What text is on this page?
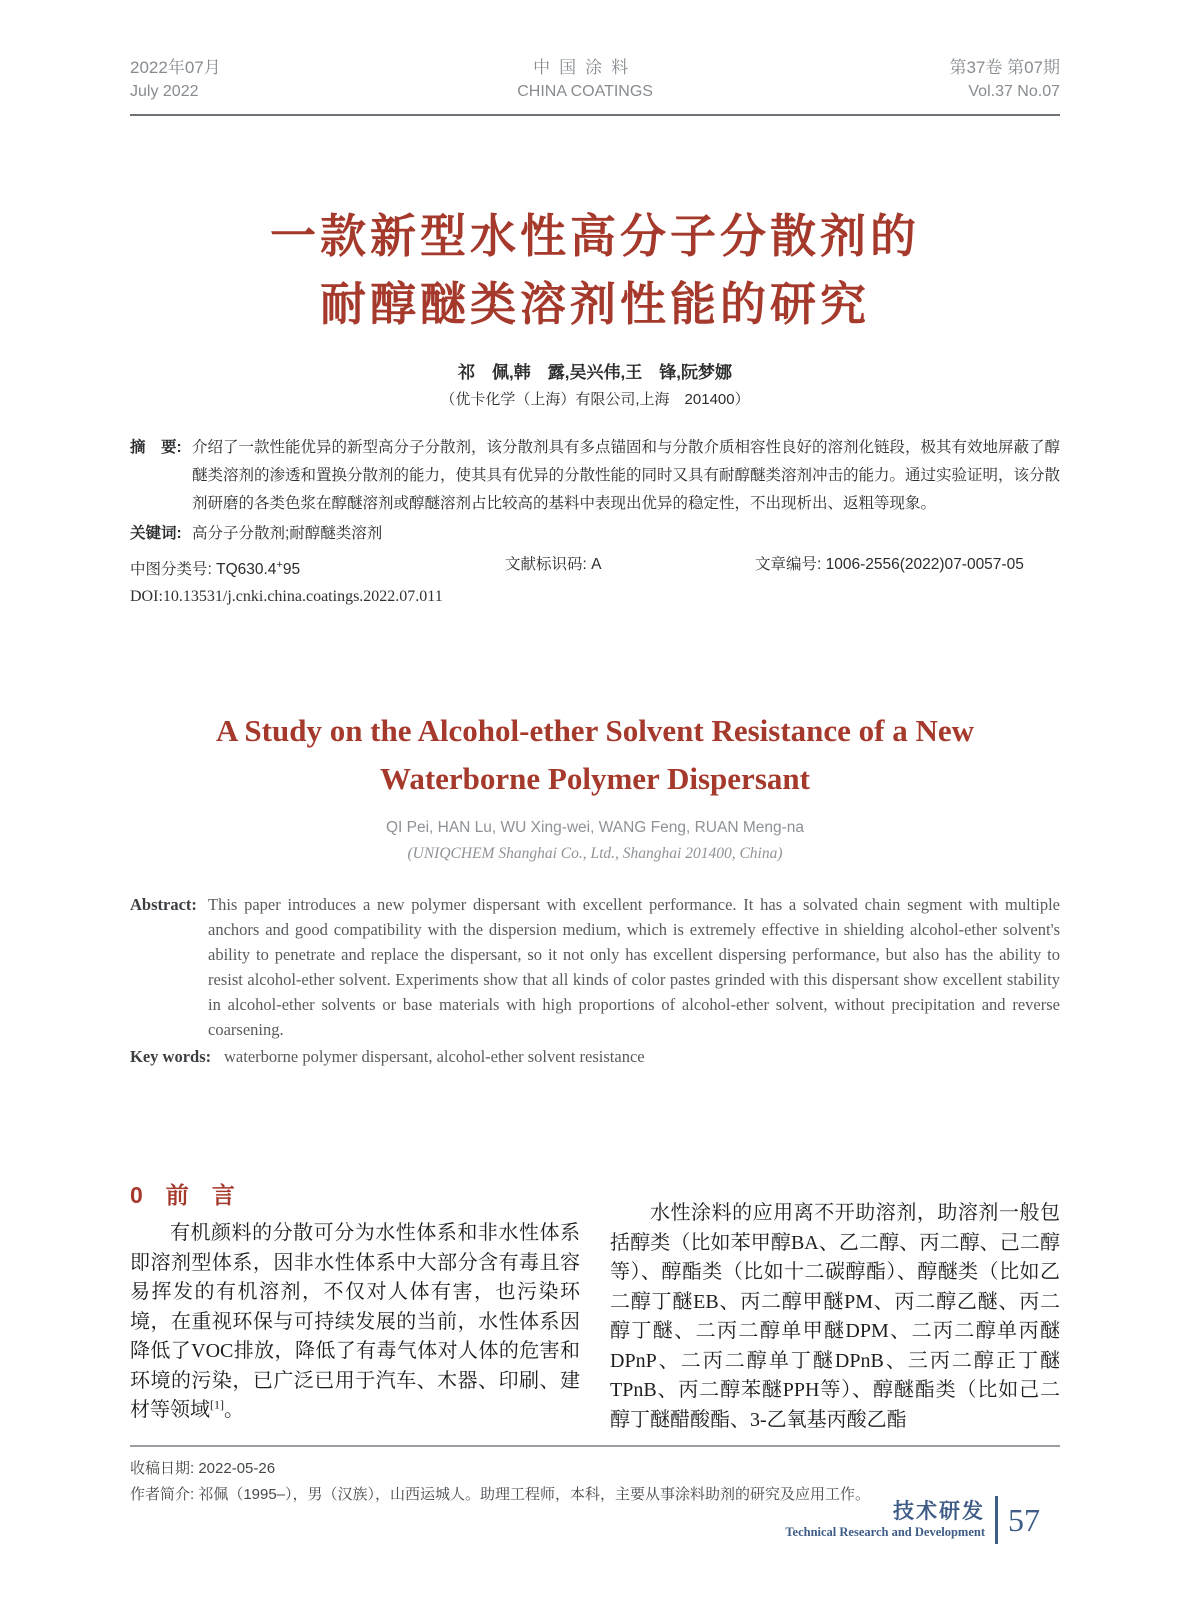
2022年07月
July 2022
中国涂料
CHINA COATINGS
第37卷 第07期
Vol.37 No.07
一款新型水性高分子分散剂的
耐醇醚类溶剂性能的研究
祁　佩,韩　露,吴兴伟,王　锋,阮梦娜
（优卡化学（上海）有限公司,上海　201400）
摘　要: 介绍了一款性能优异的新型高分子分散剂，该分散剂具有多点锚固和与分散介质相容性良好的溶剂化链段，极其有效地屏蔽了醇醚类溶剂的渗透和置换分散剂的能力，使其具有优异的分散性能的同时又具有耐醇醚类溶剂冲击的能力。通过实验证明，该分散剂研磨的各类色浆在醇醚溶剂或醇醚溶剂占比较高的基料中表现出优异的稳定性，不出现析出、返粗等现象。

关键词: 高分子分散剂;耐醇醚类溶剂

中图分类号: TQ630.4+95	文献标识码: A	文章编号: 1006-2556(2022)07-0057-05
DOI:10.13531/j.cnki.china.coatings.2022.07.011
A Study on the Alcohol-ether Solvent Resistance of a New
Waterborne Polymer Dispersant
QI Pei, HAN Lu, WU Xing-wei, WANG Feng, RUAN Meng-na
(UNIQCHEM Shanghai Co., Ltd., Shanghai 201400, China)
Abstract: This paper introduces a new polymer dispersant with excellent performance. It has a solvated chain segment with multiple anchors and good compatibility with the dispersion medium, which is extremely effective in shielding alcohol-ether solvent's ability to penetrate and replace the dispersant, so it not only has excellent dispersing performance, but also has the ability to resist alcohol-ether solvent. Experiments show that all kinds of color pastes grinded with this dispersant show excellent stability in alcohol-ether solvents or base materials with high proportions of alcohol-ether solvent, without precipitation and reverse coarsening.

Key words: waterborne polymer dispersant, alcohol-ether solvent resistance

0　前　言

有机颜料的分散可分为水性体系和非水性体系即溶剂型体系，因非水性体系中大部分含有毒且容易挥发的有机溶剂，不仅对人体有害，也污染环境，在重视环保与可持续发展的当前，水性体系因降低了VOC排放，降低了有毒气体对人体的危害和环境的污染，已广泛已用于汽车、木器、印刷、建材等领域[1]。

水性涂料的应用离不开助溶剂，助溶剂一般包括醇类（比如苯甲醇BA、乙二醇、丙二醇、己二醇等）、醇酯类（比如十二碳醇酯）、醇醚类（比如乙二醇丁醚EB、丙二醇甲醚PM、丙二醇乙醚、丙二醇丁醚、二丙二醇单甲醚DPM、二丙二醇单丙醚DPnP、二丙二醇单丁醚DPnB、三丙二醇正丁醚TPnB、丙二醇苯醚PPH等）、醇醚酯类（比如己二醇丁醚醋酸酯、3-乙氧基丙酸乙酯

收稿日期: 2022-05-26
作者简介: 祁佩（1995–），男（汉族），山西运城人。助理工程师，本科，主要从事涂料助剂的研究及应用工作。
技术研发
Technical Research and Development 57
